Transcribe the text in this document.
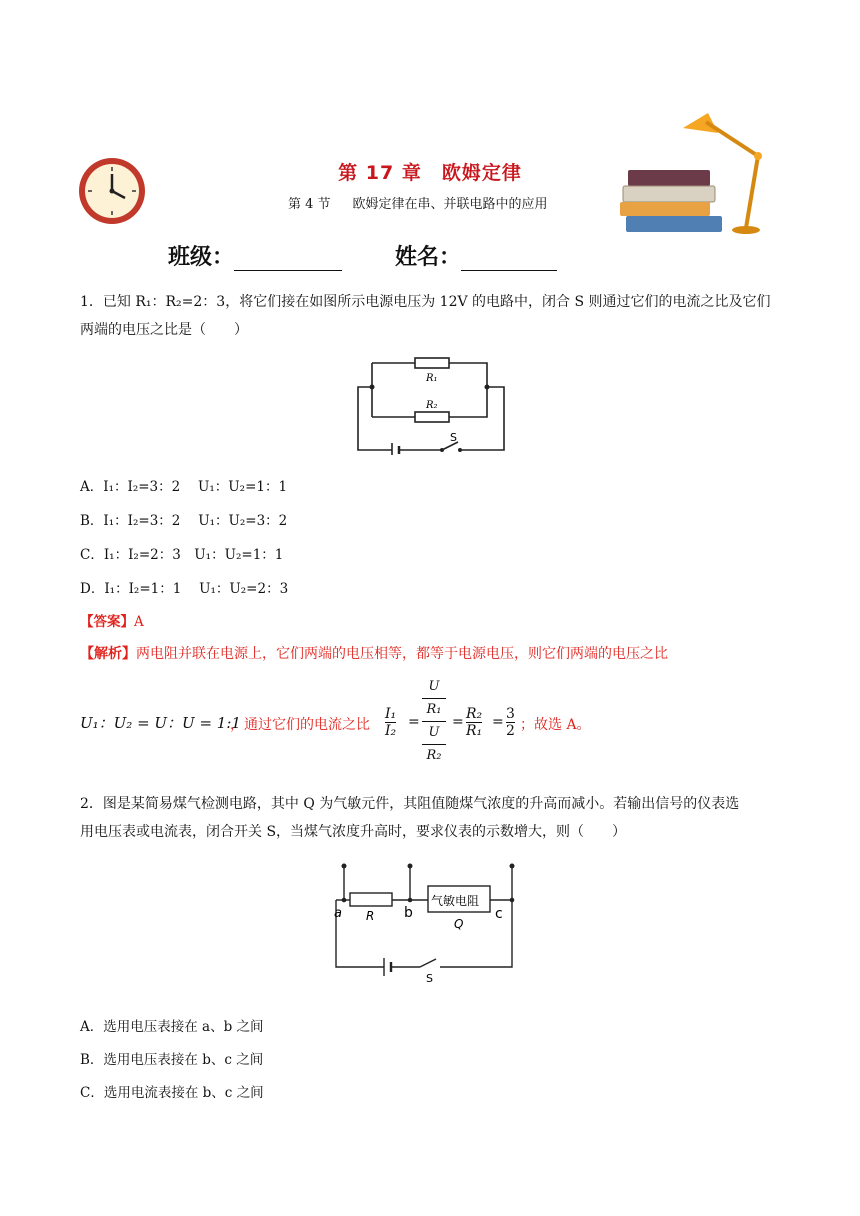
第 17 章　欧姆定律
第 4 节 欧姆定律在串、并联电路中的应用
班级：	姓名：
1．已知 R₁：R₂=2：3，将它们接在如图所示电源电压为 12V 的电路中，闭合 S 则通过它们的电流之比及它们
两端的电压之比是（　　）
R₁
R₂
S
A．I₁：I₂=3：2　 U₁：U₂=1：1
B．I₁：I₂=3：2　 U₁：U₂=3：2
C．I₁：I₂=2：3　U₁：U₂=1：1
D．I₁：I₂=1：1　 U₁：U₂=2：3
【答案】A
【解析】两电阻并联在电源上，它们两端的电压相等，都等于电源电压，则它们两端的电压之比
U₁：U₂ = U：U = 1:1
，通过它们的电流之比
I₁
I₂
=
U
R₁
U
R₂
= R₂
R₁
= 3
2 ；故选 A。
2．图是某简易煤气检测电路，其中 Q 为气敏元件，其阻值随煤气浓度的升高而减小。若输出信号的仪表选
用电压表或电流表，闭合开关 S，当煤气浓度升高时，要求仪表的示数增大，则（　　）
a	b	c
R
气敏电阻
Q
S
A．选用电压表接在 a、b 之间
B．选用电压表接在 b、c 之间
C．选用电流表接在 b、c 之间
